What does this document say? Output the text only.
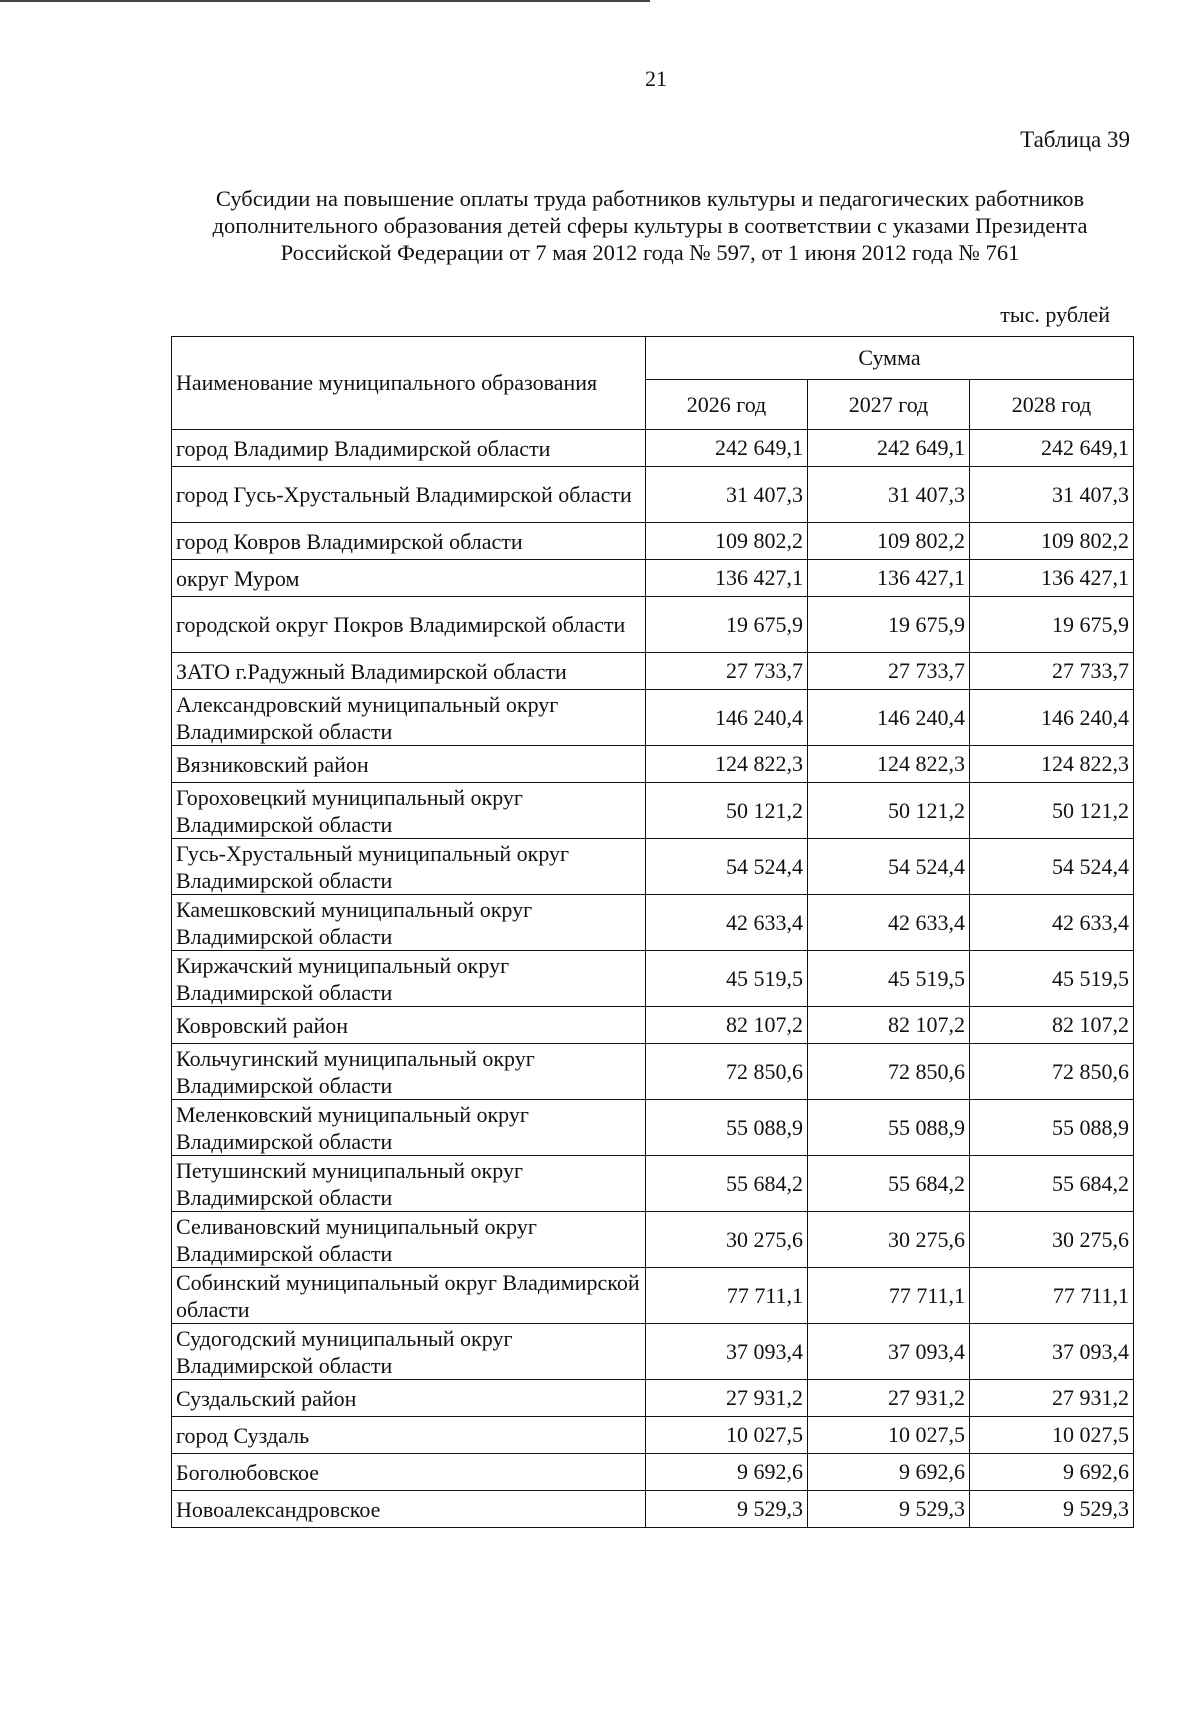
21
Таблица 39
Субсидии на повышение оплаты труда работников культуры и педагогических работников
дополнительного образования детей сферы культуры в соответствии с указами Президента
Российской Федерации от 7 мая 2012 года № 597, от 1 июня 2012 года № 761
тыс. рублей
Наименование муниципального образования	Сумма		
	2026 год	2027 год	2028 год
город Владимир Владимирской области	242 649,1	242 649,1	242 649,1
город Гусь-Хрустальный Владимирской области	31 407,3	31 407,3	31 407,3
город Ковров Владимирской области	109 802,2	109 802,2	109 802,2
округ Муром	136 427,1	136 427,1	136 427,1
городской округ Покров Владимирской области	19 675,9	19 675,9	19 675,9
ЗАТО г.Радужный Владимирской области	27 733,7	27 733,7	27 733,7
Александровский муниципальный округ Владимирской области	146 240,4	146 240,4	146 240,4
Вязниковский район	124 822,3	124 822,3	124 822,3
Гороховецкий муниципальный округ Владимирской области	50 121,2	50 121,2	50 121,2
Гусь-Хрустальный муниципальный округ Владимирской области	54 524,4	54 524,4	54 524,4
Камешковский муниципальный округ Владимирской области	42 633,4	42 633,4	42 633,4
Киржачский муниципальный округ Владимирской области	45 519,5	45 519,5	45 519,5
Ковровский район	82 107,2	82 107,2	82 107,2
Кольчугинский муниципальный округ Владимирской области	72 850,6	72 850,6	72 850,6
Меленковский муниципальный округ Владимирской области	55 088,9	55 088,9	55 088,9
Петушинский муниципальный округ Владимирской области	55 684,2	55 684,2	55 684,2
Селивановский муниципальный округ Владимирской области	30 275,6	30 275,6	30 275,6
Собинский муниципальный округ Владимирской области	77 711,1	77 711,1	77 711,1
Судогодский муниципальный округ Владимирской области	37 093,4	37 093,4	37 093,4
Суздальский район	27 931,2	27 931,2	27 931,2
город Суздаль	10 027,5	10 027,5	10 027,5
Боголюбовское	9 692,6	9 692,6	9 692,6
Новоалександровское	9 529,3	9 529,3	9 529,3
